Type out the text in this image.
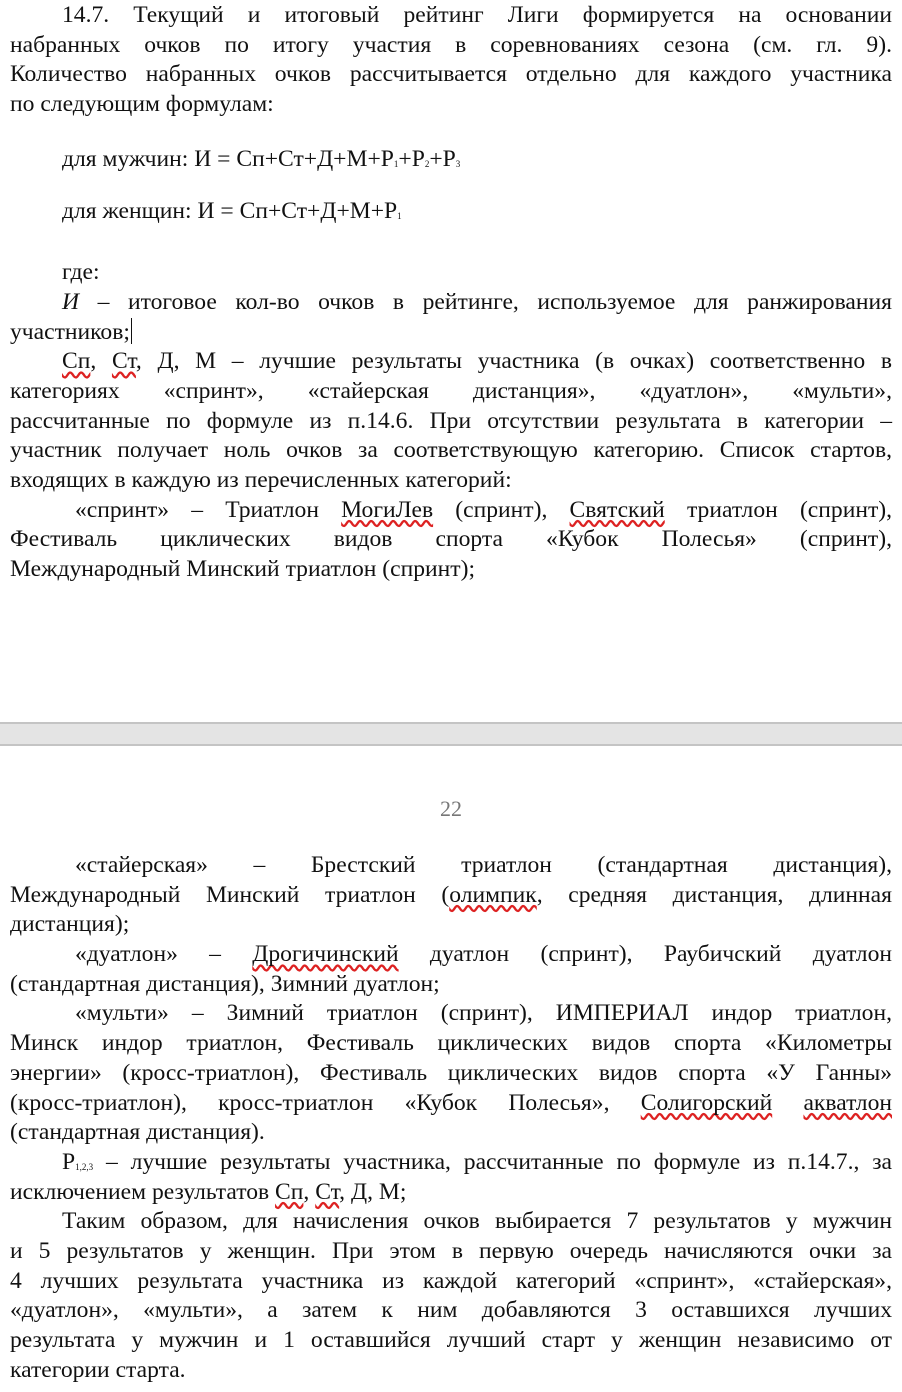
14.7. Текущий и итоговый рейтинг Лиги формируется на основании
набранных очков по итогу участия в соревнованиях сезона (см. гл. 9).
Количество набранных очков рассчитывается отдельно для каждого участника
по следующим формулам:
для мужчин: $И = Сп+Ст+Д+М+Р_1+Р_2+Р_3$
для женщин: $И = Сп+Ст+Д+М+Р_1$
где:
И – итоговое кол-во очков в рейтинге, используемое для ранжирования
участников;
Сп, Ст, Д, М – лучшие результаты участника (в очках) соответственно в
категориях «спринт», «стайерская дистанция», «дуатлон», «мульти»,
рассчитанные по формуле из п.14.6. При отсутствии результата в категории –
участник получает ноль очков за соответствующую категорию. Список стартов,
входящих в каждую из перечисленных категорий:
«спринт» – Триатлон МогиЛев (спринт), Святский триатлон (спринт),
Фестиваль циклических видов спорта «Кубок Полесья» (спринт),
Международный Минский триатлон (спринт);
22
«стайерская» – Брестский триатлон (стандартная дистанция),
Международный Минский триатлон (олимпик, средняя дистанция, длинная
дистанция);
«дуатлон» – Дрогичинский дуатлон (спринт), Раубичский дуатлон
(стандартная дистанция), Зимний дуатлон;
«мульти» – Зимний триатлон (спринт), ИМПЕРИАЛ индор триатлон,
Минск индор триатлон, Фестиваль циклических видов спорта «Километры
энергии» (кросс-триатлон), Фестиваль циклических видов спорта «У Ганны»
(кросс-триатлон), кросс-триатлон «Кубок Полесья», Солигорский акватлон
(стандартная дистанция).
$Р_{1,2,3}$ – лучшие результаты участника, рассчитанные по формуле из п.14.7., за
исключением результатов Сп, Ст, Д, М;
Таким образом, для начисления очков выбирается 7 результатов у мужчин
и 5 результатов у женщин. При этом в первую очередь начисляются очки за
4 лучших результата участника из каждой категорий «спринт», «стайерская»,
«дуатлон», «мульти», а затем к ним добавляются 3 оставшихся лучших
результата у мужчин и 1 оставшийся лучший старт у женщин независимо от
категории старта.
